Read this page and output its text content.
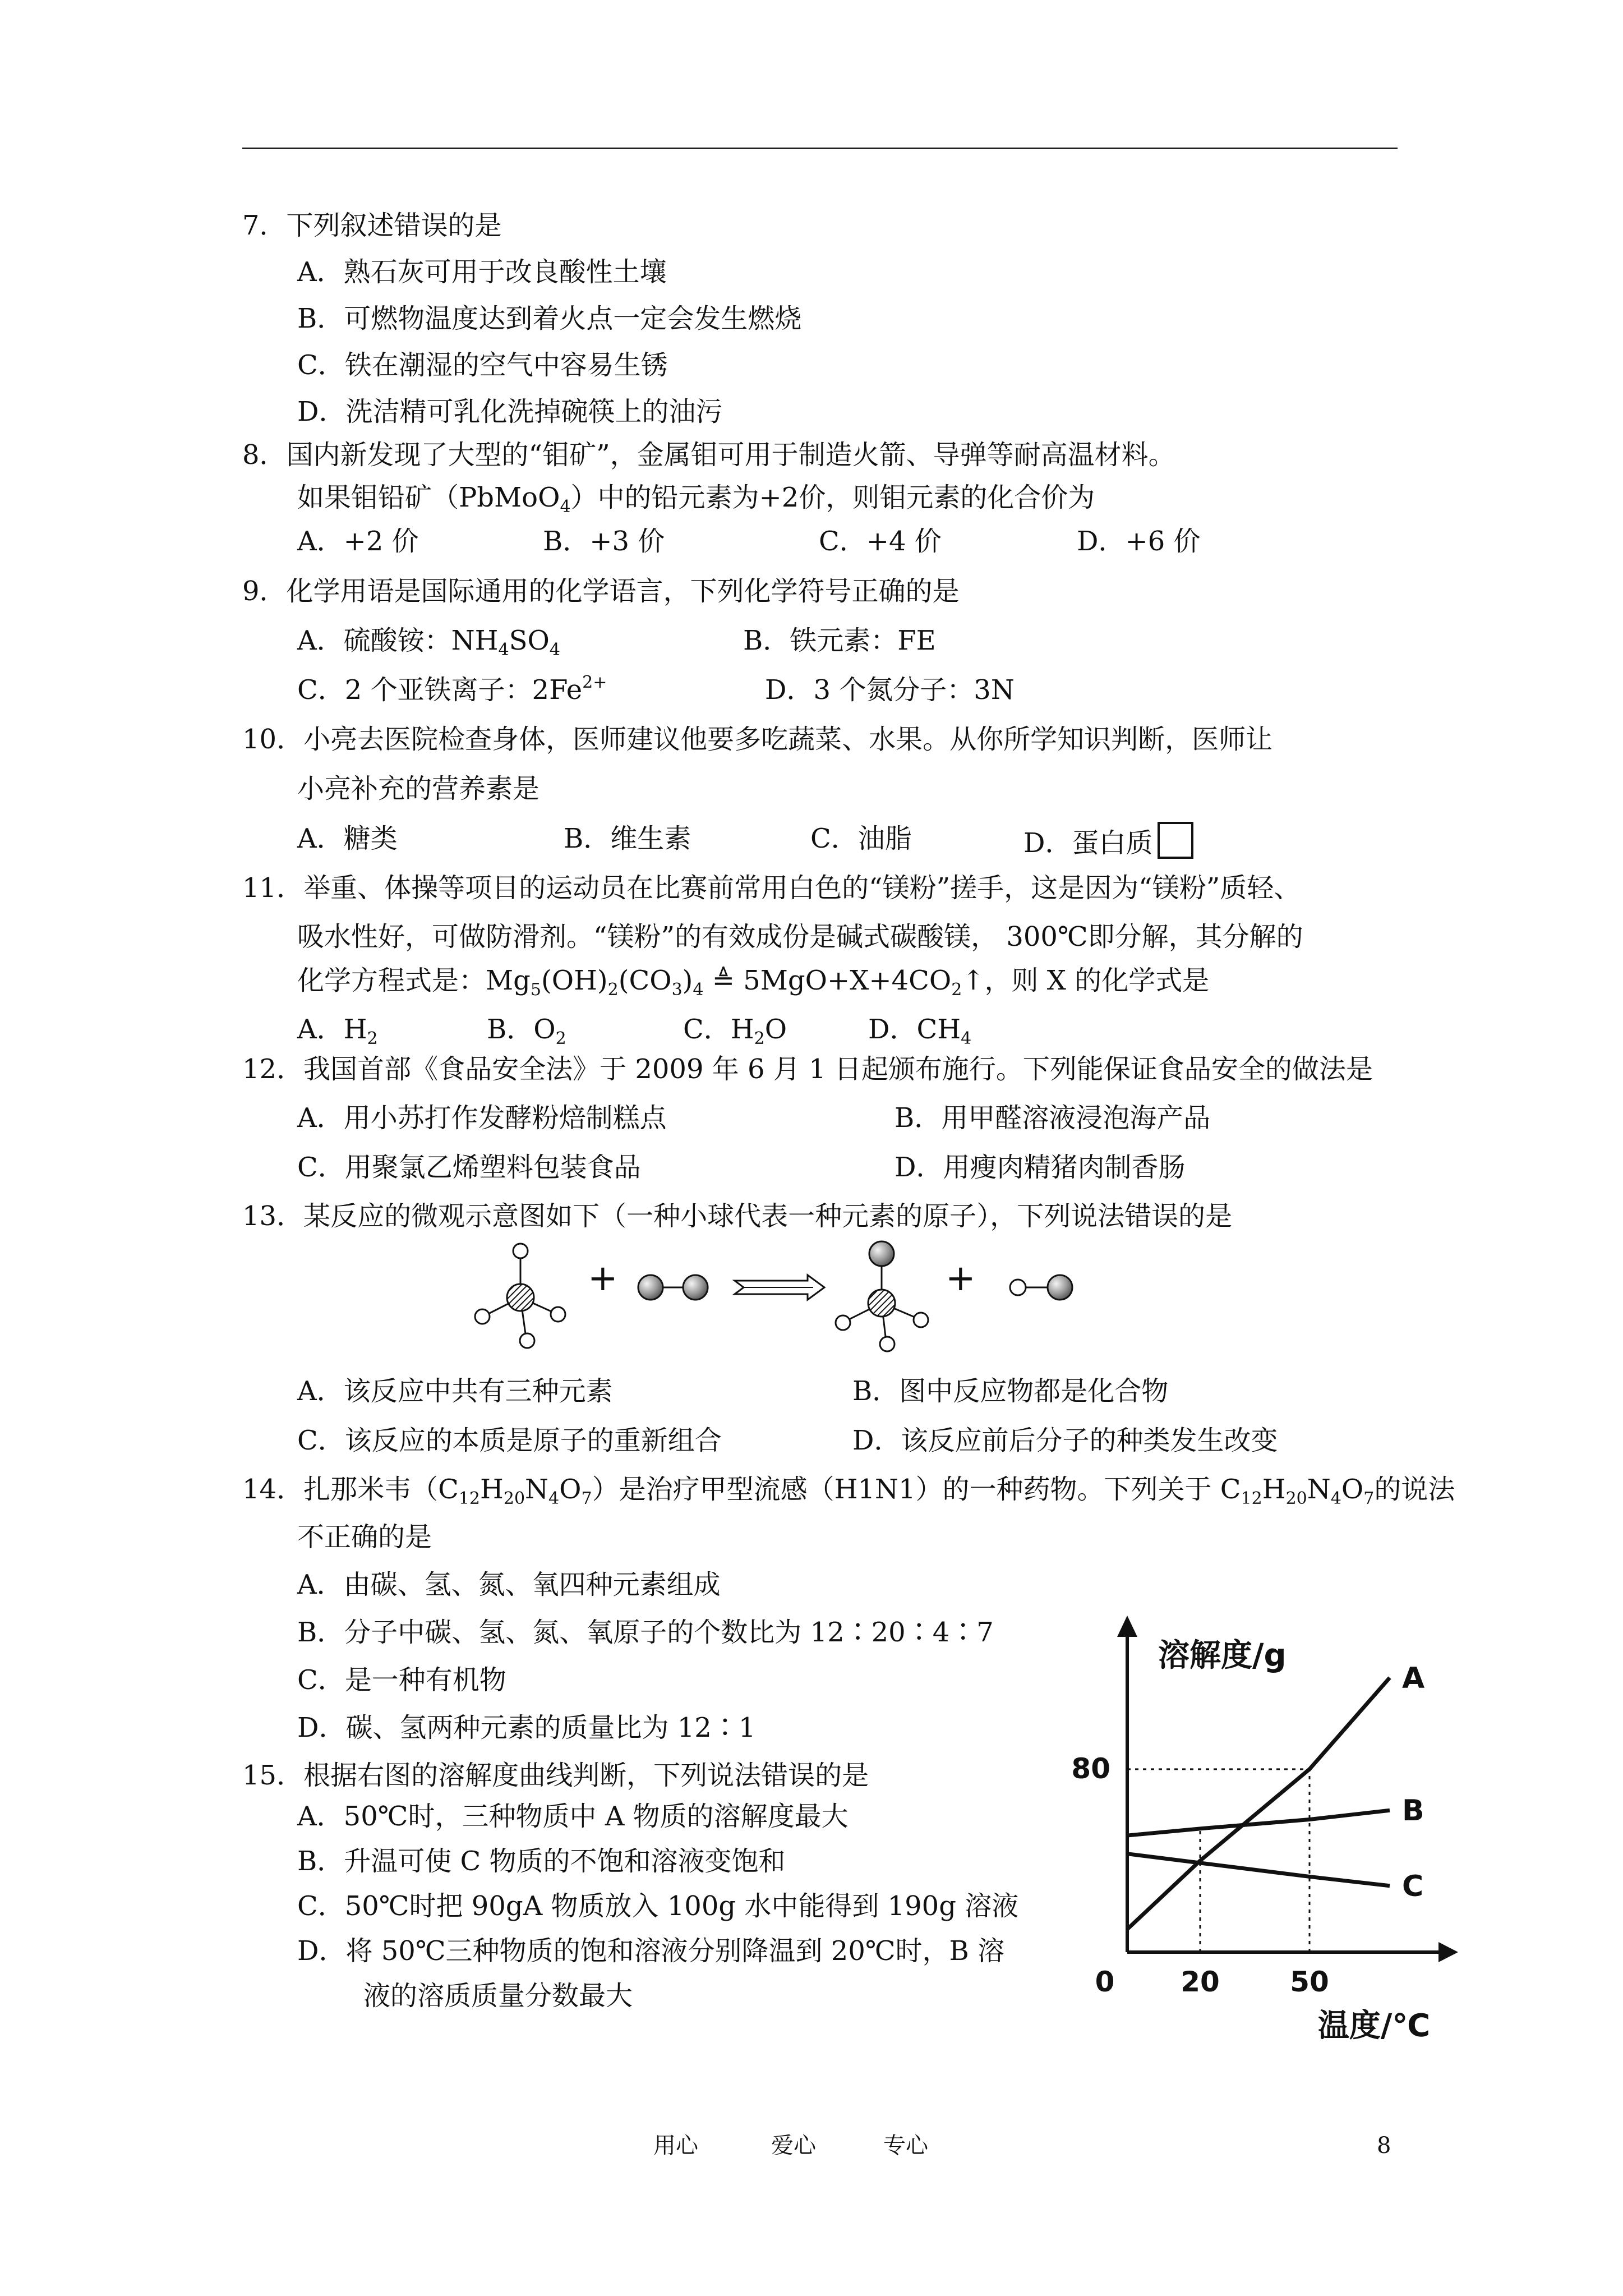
7．下列叙述错误的是
A．熟石灰可用于改良酸性土壤
B．可燃物温度达到着火点一定会发生燃烧
C．铁在潮湿的空气中容易生锈
D．洗洁精可乳化洗掉碗筷上的油污
8．国内新发现了大型的“钼矿”，金属钼可用于制造火箭、导弹等耐高温材料。
如果钼铅矿（PbMoO$_4$）中的铅元素为+2价，则钼元素的化合价为
A．+2 价	B．+3 价	C．+4 价	D．+6 价
9．化学用语是国际通用的化学语言，下列化学符号正确的是
A．硫酸铵：$NH_4SO_4$	B．铁元素：FE
C．2 个亚铁离子：$2Fe^{2+}$	D．3 个氮分子：3N
10．小亮去医院检查身体，医师建议他要多吃蔬菜、水果。从你所学知识判断，医师让
小亮补充的营养素是
A．糖类	B．维生素	C．油脂	D．蛋白质
11．举重、体操等项目的运动员在比赛前常用白色的“镁粉”搓手，这是因为“镁粉”质轻、
吸水性好，可做防滑剂。“镁粉”的有效成份是碱式碳酸镁， 300℃即分解，其分解的
化学方程式是：$Mg_5(OH)_2(CO_3)_4$ ≜ $5MgO+X+4CO_2↑$，则 X 的化学式是
A．$H_2$	B．$O_2$	C．$H_2O$	D．$CH_4$
12．我国首部《食品安全法》于 2009 年 6 月 1 日起颁布施行。下列能保证食品安全的做法是
A．用小苏打作发酵粉焙制糕点	B．用甲醛溶液浸泡海产品
C．用聚氯乙烯塑料包装食品	D．用瘦肉精猪肉制香肠
13．某反应的微观示意图如下（一种小球代表一种元素的原子），下列说法错误的是
+	+
A．该反应中共有三种元素	B．图中反应物都是化合物
C．该反应的本质是原子的重新组合	D．该反应前后分子的种类发生改变
14．扎那米韦$(C_{12}H_{20}N_4O_7)$是治疗甲型流感（H1N1）的一种药物。下列关于 $C_{12}H_{20}N_4O_7$的说法
不正确的是
A．由碳、氢、氮、氧四种元素组成
B．分子中碳、氢、氮、氧原子的个数比为 12∶20∶4∶7
C．是一种有机物
D．碳、氢两种元素的质量比为 12∶1
15．根据右图的溶解度曲线判断，下列说法错误的是
A．50℃时，三种物质中 A 物质的溶解度最大
B．升温可使 C 物质的不饱和溶液变饱和
C．50℃时把 90gA 物质放入 100g 水中能得到 190g 溶液
D．将 50℃三种物质的饱和溶液分别降温到 20℃时，B 溶
液的溶质质量分数最大
A
B
C
0 20	50
80
溶解度/g
温度/℃
用心	爱心	专心	8
